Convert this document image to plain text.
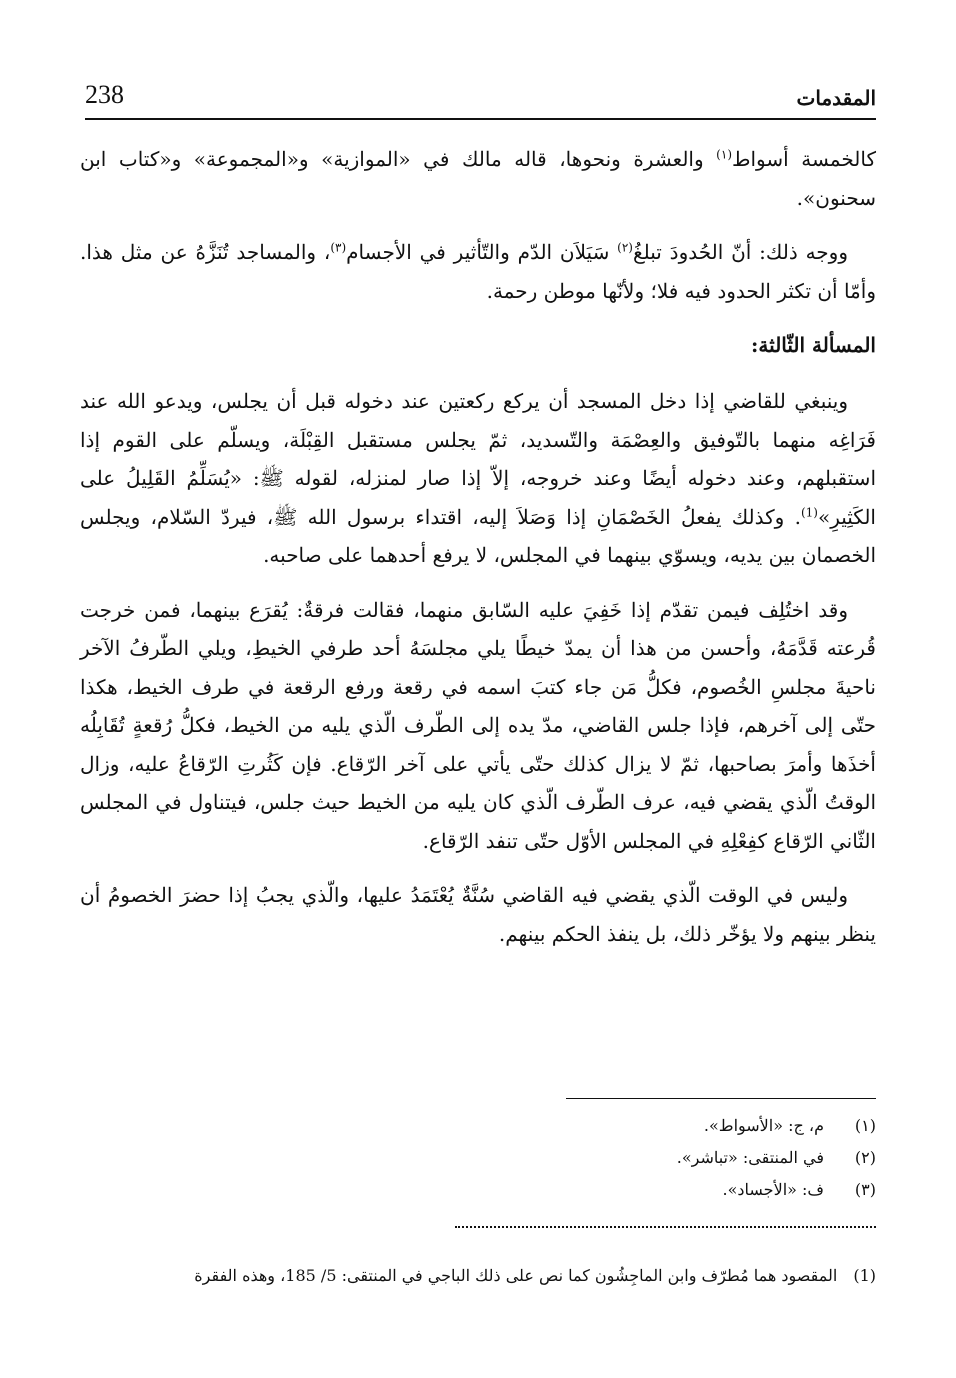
238	المقدمات

كالخمسة أسواط$^{(١)}$ والعشرة ونحوها، قاله مالك في «الموازية» و«المجموعة» و«كتاب ابن سحنون».

ووجه ذلك: أنّ الحُدودَ تبلغُ$^{(٢)}$ سَيَلاَن الدّم والتّأثير في الأجسام$^{(٣)}$، والمساجد تُنَزَّهُ عن مثل هذا. وأمّا أن تكثر الحدود فيه فلا؛ ولأنّها موطن رحمة.

المسألة الثّالثة:

وينبغي للقاضي إذا دخل المسجد أن يركع ركعتين عند دخوله قبل أن يجلس، ويدعو الله عند فَرَاغِه منهما بالتّوفيق والعِصْمَة والتّسديد، ثمّ يجلس مستقبل القِبْلَة، ويسلّم على القوم إذا استقبلهم، وعند دخوله أيضًا وعند خروجه، إلاّ إذا صار لمنزله، لقوله ﷺ: «يُسَلِّمُ القَلِيلُ على الكَثِيرِ»$^{(1)}$. وكذلك يفعلُ الخَصْمَانِ إذا وَصَلاَ إليه، اقتداء برسول الله ﷺ، فيردّ السّلام، ويجلس الخصمان بين يديه، ويسوّي بينهما في المجلس، لا يرفع أحدهما على صاحبه.

وقد اختُلِف فيمن تقدّم إذا خَفِيَ عليه السّابق منهما، فقالت فرقةٌ: يُقرَع بينهما، فمن خرجت قُرعته قَدَّمَهُ، وأحسن من هذا أن يمدّ خيطًا يلي مجلسَهُ أحد طرفي الخيطِ، ويلي الطّرفُ الآخر ناحيةَ مجلسِ الخُصوم، فكلُّ مَن جاء كتبَ اسمه في رقعة ورفع الرقعة في طرف الخيط، هكذا حتّى إلى آخرهم، فإذا جلس القاضي، مدّ يده إلى الطّرف الّذي يليه من الخيط، فكلُّ رُقعةٍ تُقَابِلُه أخذَها وأمرَ بصاحبها، ثمّ لا يزال كذلك حتّى يأتي على آخر الرّقاع. فإن كَثُرتِ الرّقاعُ عليه، وزال الوقتُ الّذي يقضي فيه، عرف الطّرف الّذي كان يليه من الخيط حيث جلس، فيتناول في المجلس الثّاني الرّقاع كفِعْلِهِ في المجلس الأوّل حتّى تنفد الرّقاع.

وليس في الوقت الّذي يقضي فيه القاضي سُنَّةٌ يُعْتَمَدُ عليها، والّذي يجبُ إذا حضرَ الخصومُ أن ينظر بينهم ولا يؤخّر ذلك، بل ينفذ الحكم بينهم.

(١)
م، ج: «الأسواط».
(٢)
في المنتقى: «تباشر».
(٣)
ف: «الأجساد».
(1)
المقصود هما مُطرّف وابن الماجِشُون كما نص على ذلك الباجي في المنتقى: 5/ 185، وهذه الفقرة
